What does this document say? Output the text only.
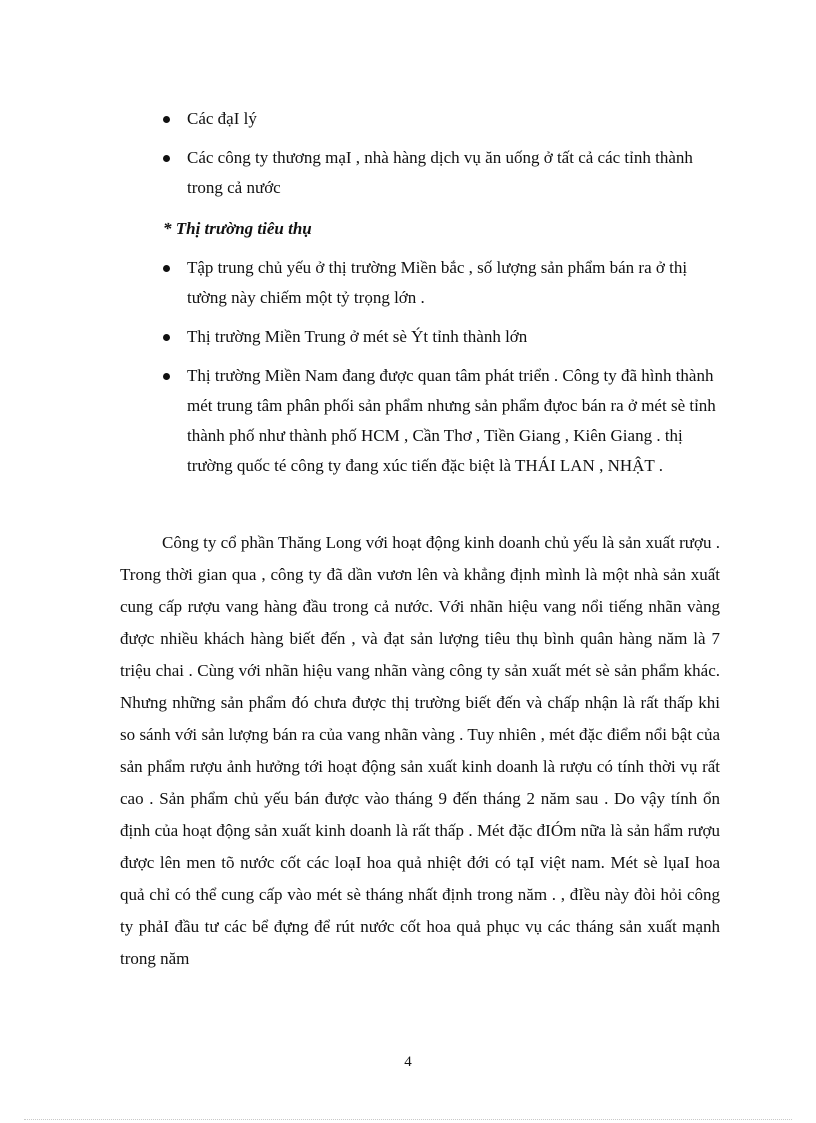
Các đạI lý
Các công ty thương mạI , nhà hàng dịch vụ ăn uống ở tất cả các tỉnh thành trong cả nước

* Thị trường tiêu thụ

Tập trung chủ yếu ở thị trường Miền bắc , số lượng sản phẩm bán ra ở thị tường này chiếm một tỷ trọng lớn .
Thị trường Miền Trung ở mét sè Ýt tỉnh thành lớn
Thị trường Miền Nam đang được quan tâm phát triển . Công ty đã hình thành mét trung tâm phân phối sản phẩm nhưng sản phẩm đựoc bán ra ở mét sè tỉnh thành phố như thành phố HCM , Cần Thơ , Tiền Giang , Kiên Giang . thị trường quốc té công ty đang xúc tiến đặc biệt là THÁI LAN , NHẬT .

Công ty cổ phần Thăng Long với hoạt động kinh doanh chủ yếu là sản xuất rượu . Trong thời gian qua , công ty đã dần vươn lên và khẳng định mình là một nhà sản xuất cung cấp rượu vang hàng đầu trong cả nước. Với nhãn hiệu vang nổi tiếng nhãn vàng được nhiều khách hàng biết đến , và đạt sản lượng tiêu thụ bình quân hàng năm là 7 triệu chai . Cùng với nhãn hiệu vang nhãn vàng công ty sản xuất mét sè sản phẩm khác. Nhưng những sản phẩm đó chưa được thị trường biết đến và chấp nhận là rất thấp khi so sánh với sản lượng bán ra của vang nhãn vàng . Tuy nhiên , mét đặc điểm nổi bật của sản phẩm rượu ảnh hưởng tới hoạt động sản xuất kinh doanh là rượu có tính thời vụ rất cao . Sản phẩm chủ yếu bán được vào tháng 9 đến tháng 2 năm sau . Do vậy tính ổn định của hoạt động sản xuất kinh doanh là rất thấp . Mét đặc đIÓm nữa là sản hẩm rượu được lên men tõ nước cốt các loạI hoa quả nhiệt đới có tạI việt nam. Mét sè lụaI hoa quả chỉ có thể cung cấp vào mét sè tháng nhất định trong năm . , đIều này đòi hỏi công ty phảI đầu tư các bể đựng để rút nước cốt hoa quả phục vụ các tháng sản xuất mạnh trong năm

4
